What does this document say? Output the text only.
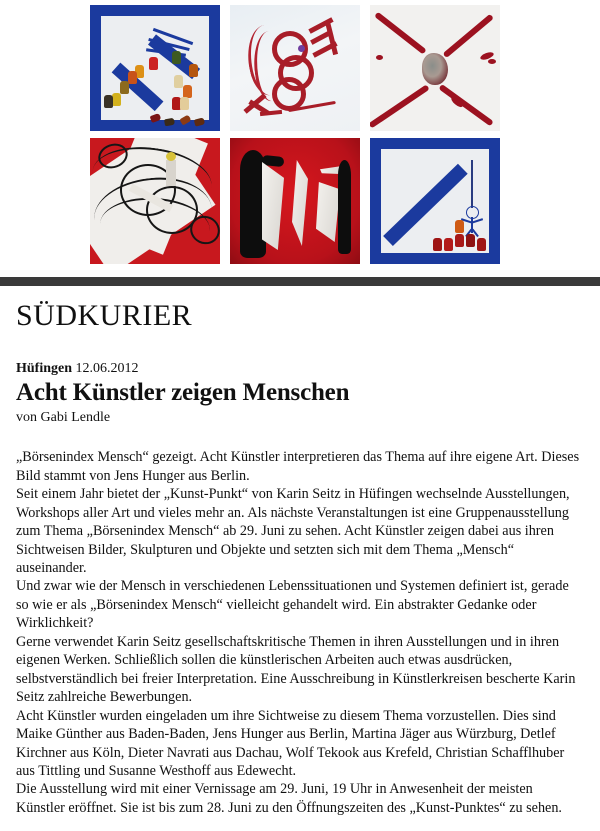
SÜDKURIER
Hüfingen 12.06.2012
Acht Künstler zeigen Menschen
von Gabi Lendle

„Börsenindex Mensch“ gezeigt. Acht Künstler interpretieren das Thema auf ihre eigene Art. Dieses Bild stammt von Jens Hunger aus Berlin.

Seit einem Jahr bietet der „Kunst-Punkt“ von Karin Seitz in Hüfingen wechselnde Ausstellungen, Workshops aller Art und vieles mehr an. Als nächste Veranstaltungen ist eine Gruppenausstellung zum Thema „Börsenindex Mensch“ ab 29. Juni zu sehen. Acht Künstler zeigen dabei aus ihren Sichtweisen Bilder, Skulpturen und Objekte und setzten sich mit dem Thema „Mensch“ auseinander.

Und zwar wie der Mensch in verschiedenen Lebenssituationen und Systemen definiert ist, gerade so wie er als „Börsenindex Mensch“ vielleicht gehandelt wird. Ein abstrakter Gedanke oder Wirklichkeit?

Gerne verwendet Karin Seitz gesellschaftskritische Themen in ihren Ausstellungen und in ihren eigenen Werken. Schließlich sollen die künstlerischen Arbeiten auch etwas ausdrücken, selbstverständlich bei freier Interpretation. Eine Ausschreibung in Künstlerkreisen bescherte Karin Seitz zahlreiche Bewerbungen.

Acht Künstler wurden eingeladen um ihre Sichtweise zu diesem Thema vorzustellen. Dies sind Maike Günther aus Baden-Baden, Jens Hunger aus Berlin, Martina Jäger aus Würzburg, Detlef Kirchner aus Köln, Dieter Navrati aus Dachau, Wolf Tekook aus Krefeld, Christian Schafflhuber aus Tittling und Susanne Westhoff aus Edewecht.

Die Ausstellung wird mit einer Vernissage am 29. Juni, 19 Uhr in Anwesenheit der meisten Künstler eröffnet. Sie ist bis zum 28. Juni zu den Öffnungszeiten des „Kunst-Punktes“ zu sehen.
